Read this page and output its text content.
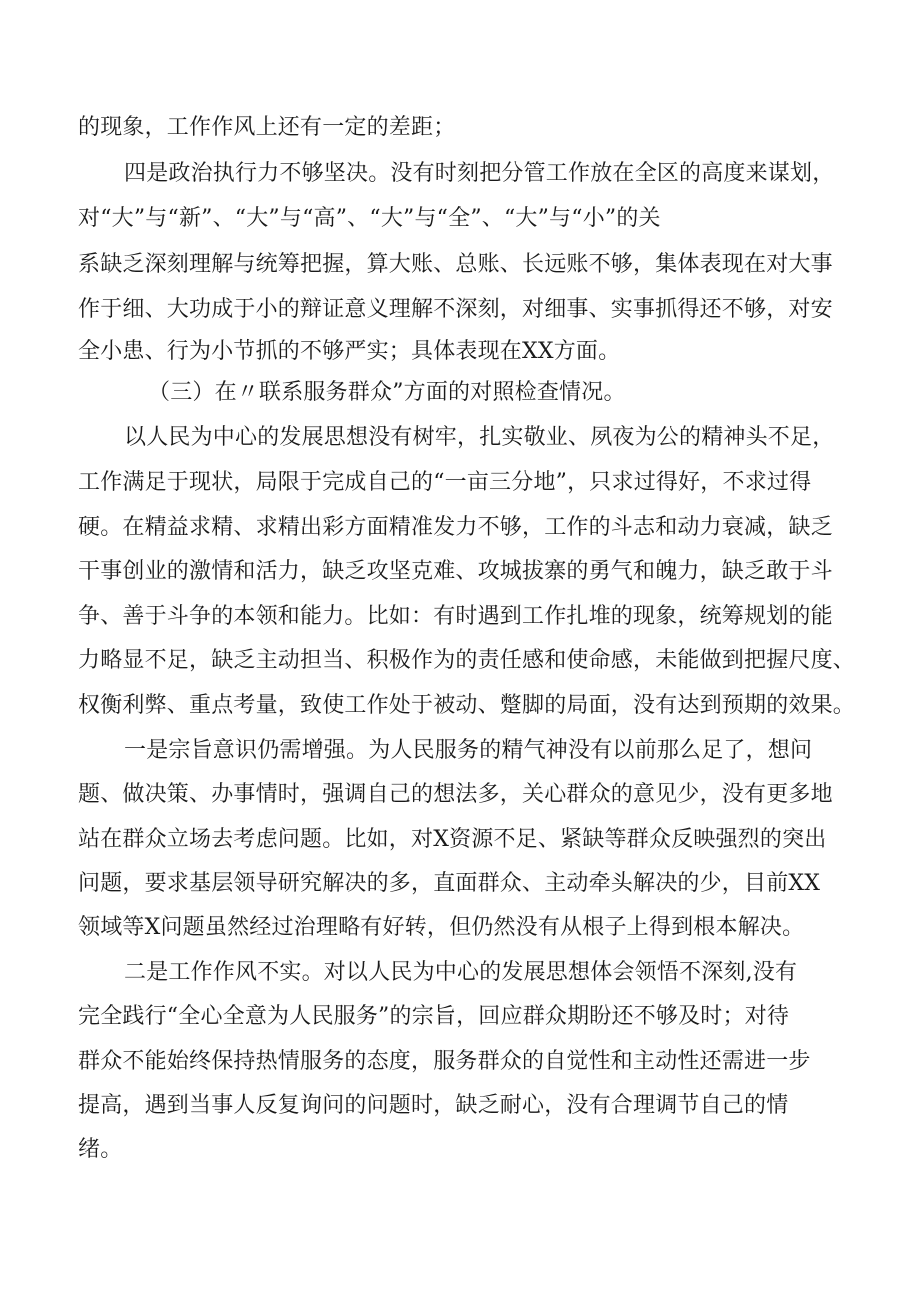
的现象，工作作风上还有一定的差距；
四是政治执行力不够坚决。没有时刻把分管工作放在全区的高度来谋划，
对“大”与“新”、“大”与“高”、“大”与“全”、“大”与“小”的关
系缺乏深刻理解与统筹把握，算大账、总账、长远账不够，集体表现在对大事
作于细、大功成于小的辩证意义理解不深刻，对细事、实事抓得还不够，对安
全小患、行为小节抓的不够严实；具体表现在XX方面。
（三）在〃联系服务群众”方面的对照检查情况。
以人民为中心的发展思想没有树牢，扎实敬业、夙夜为公的精神头不足，
工作满足于现状，局限于完成自己的“一亩三分地”，只求过得好，不求过得
硬。在精益求精、求精出彩方面精准发力不够，工作的斗志和动力衰减，缺乏
干事创业的激情和活力，缺乏攻坚克难、攻城拔寨的勇气和魄力，缺乏敢于斗
争、善于斗争的本领和能力。比如：有时遇到工作扎堆的现象，统筹规划的能
力略显不足，缺乏主动担当、积极作为的责任感和使命感，未能做到把握尺度、
权衡利弊、重点考量，致使工作处于被动、蹩脚的局面，没有达到预期的效果。
一是宗旨意识仍需增强。为人民服务的精气神没有以前那么足了，想问
题、做决策、办事情时，强调自己的想法多，关心群众的意见少，没有更多地
站在群众立场去考虑问题。比如，对X资源不足、紧缺等群众反映强烈的突出
问题，要求基层领导研究解决的多，直面群众、主动牵头解决的少，目前XX
领域等X问题虽然经过治理略有好转，但仍然没有从根子上得到根本解决。
二是工作作风不实。对以人民为中心的发展思想体会领悟不深刻,没有
完全践行“全心全意为人民服务”的宗旨，回应群众期盼还不够及时；对待
群众不能始终保持热情服务的态度，服务群众的自觉性和主动性还需进一步
提高，遇到当事人反复询问的问题时，缺乏耐心，没有合理调节自己的情
绪。
